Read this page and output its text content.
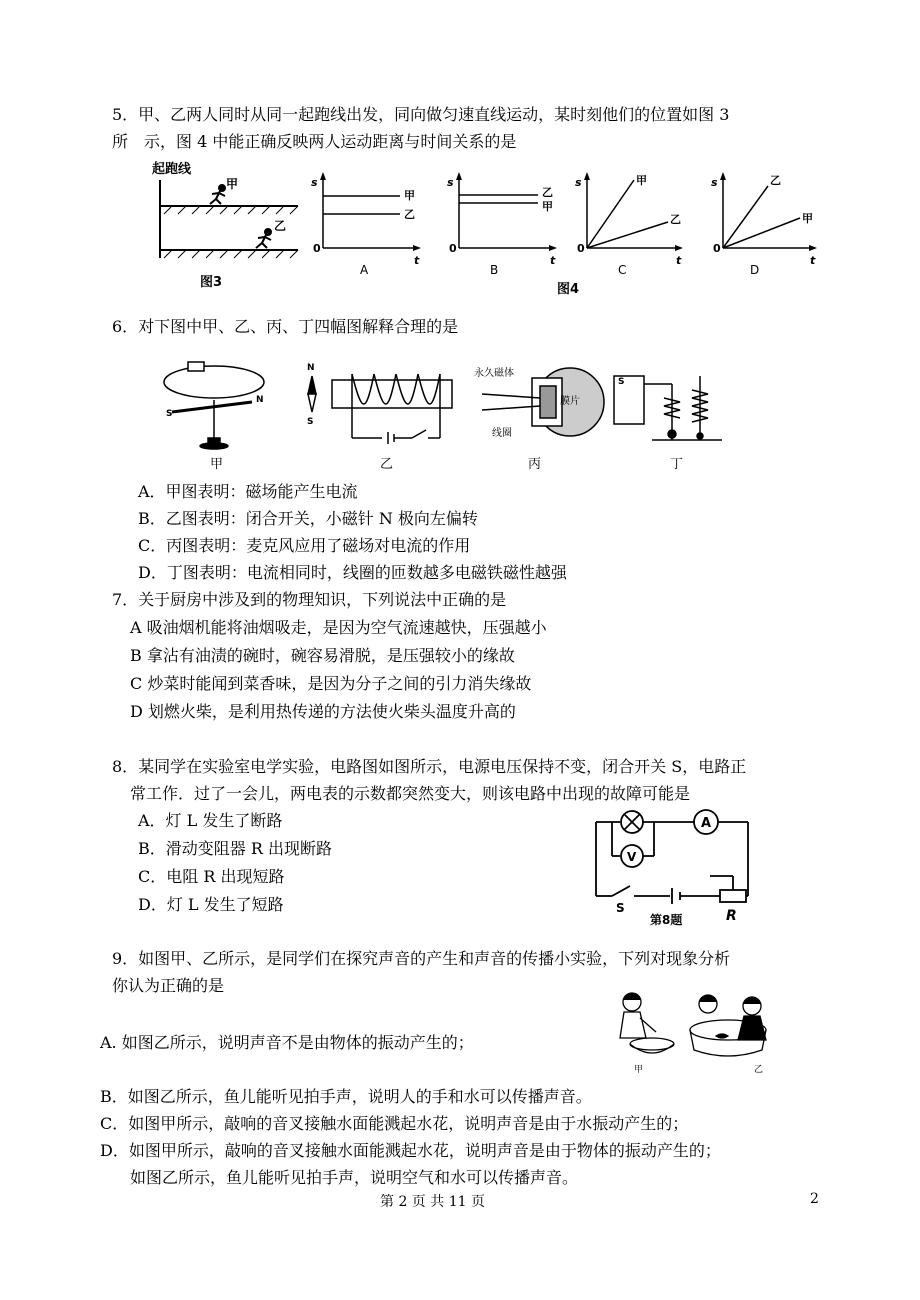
5．甲、乙两人同时从同一起跑线出发，同向做匀速直线运动，某时刻他们的位置如图 3
所　示，图 4 中能正确反映两人运动距离与时间关系的是
起跑线
甲
乙
图3
s
0
t
甲
乙
A
s
0
t
乙
甲
B
s
0
t
甲
乙
C
s
0
t
乙
甲
D
图4
6．对下图中甲、乙、丙、丁四幅图解释合理的是
N
S
甲
N
S
乙
永久磁体
膜片
线圈
丙
S
丁
A．甲图表明：磁场能产生电流
B．乙图表明：闭合开关，小磁针 N 极向左偏转
C．丙图表明：麦克风应用了磁场对电流的作用
D．丁图表明：电流相同时，线圈的匝数越多电磁铁磁性越强
7．关于厨房中涉及到的物理知识，下列说法中正确的是
A 吸油烟机能将油烟吸走，是因为空气流速越快，压强越小
B 拿沾有油渍的碗时，碗容易滑脱，是压强较小的缘故
C 炒菜时能闻到菜香味，是因为分子之间的引力消失缘故
D 划燃火柴，是利用热传递的方法使火柴头温度升高的
8．某同学在实验室电学实验，电路图如图所示，电源电压保持不变，闭合开关 S，电路正
常工作．过了一会儿，两电表的示数都突然变大，则该电路中出现的故障可能是
A．灯 L 发生了断路
B．滑动变阻器 R 出现断路
C．电阻 R 出现短路
D．灯 L 发生了短路
A
V
S	R
第8题
9．如图甲、乙所示，是同学们在探究声音的产生和声音的传播小实验，下列对现象分析
你认为正确的是
A. 如图乙所示，说明声音不是由物体的振动产生的；
B．如图乙所示，鱼儿能听见拍手声，说明人的手和水可以传播声音。
C．如图甲所示，敲响的音叉接触水面能溅起水花，说明声音是由于水振动产生的；
D．如图甲所示，敲响的音叉接触水面能溅起水花，说明声音是由于物体的振动产生的；
如图乙所示，鱼儿能听见拍手声，说明空气和水可以传播声音。
甲	乙
第 2 页 共 11 页	2
